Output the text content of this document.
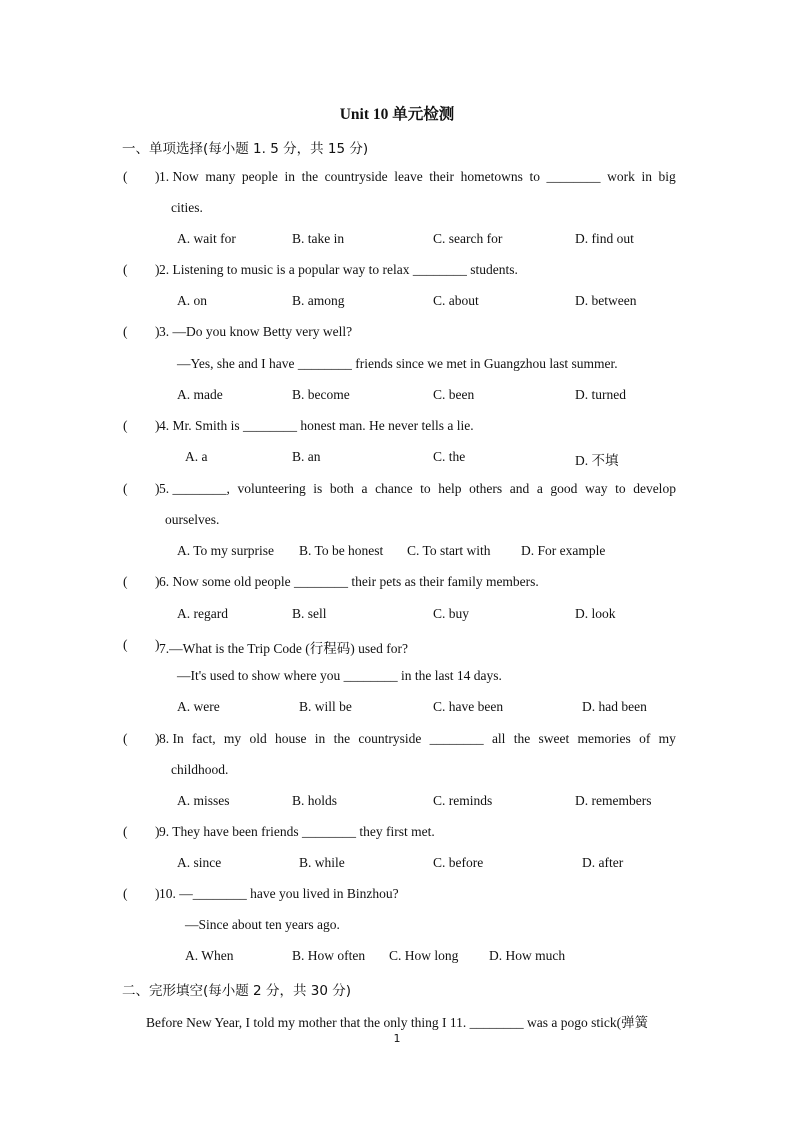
Unit 10 单元检测
一、单项选择(每小题 1. 5 分，共 15 分)
( ) 1. Now many people in the countryside leave their hometowns to ________ work in big
cities.
A. wait for	B. take in	C. search for	D. find out
( ) 2. Listening to music is a popular way to relax ________ students.
A. on	B. among	C. about	D. between
( ) 3. —Do you know Betty very well?
—Yes, she and I have ________ friends since we met in Guangzhou last summer.
A. made	B. become	C. been	D. turned
( ) 4. Mr. Smith is ________ honest man. He never tells a lie.
A. a	B. an	C. the	D. 不填
( ) 5. ________, volunteering is both a chance to help others and a good way to develop
ourselves.
A. To my surprise B. To be honest C. To start with D. For example
( ) 6. Now some old people ________ their pets as their family members.
A. regard	B. sell	C. buy	D. look
( ) 7.—What is the Trip Code (行程码) used for?
—It's used to show where you ________ in the last 14 days.
A. were	B. will be	C. have been	D. had been
( ) 8. In fact, my old house in the countryside ________ all the sweet memories of my
childhood.
A. misses	B. holds	C. reminds	D. remembers
( ) 9. They have been friends ________ they first met.
A. since	B. while	C. before	D. after
( ) 10. —________ have you lived in Binzhou?
—Since about ten years ago.
A. When	B. How often C. How long D. How much
二、完形填空(每小题 2 分，共 30 分)
Before New Year, I told my mother that the only thing I 11. ________ was a pogo stick(弹簧
1
